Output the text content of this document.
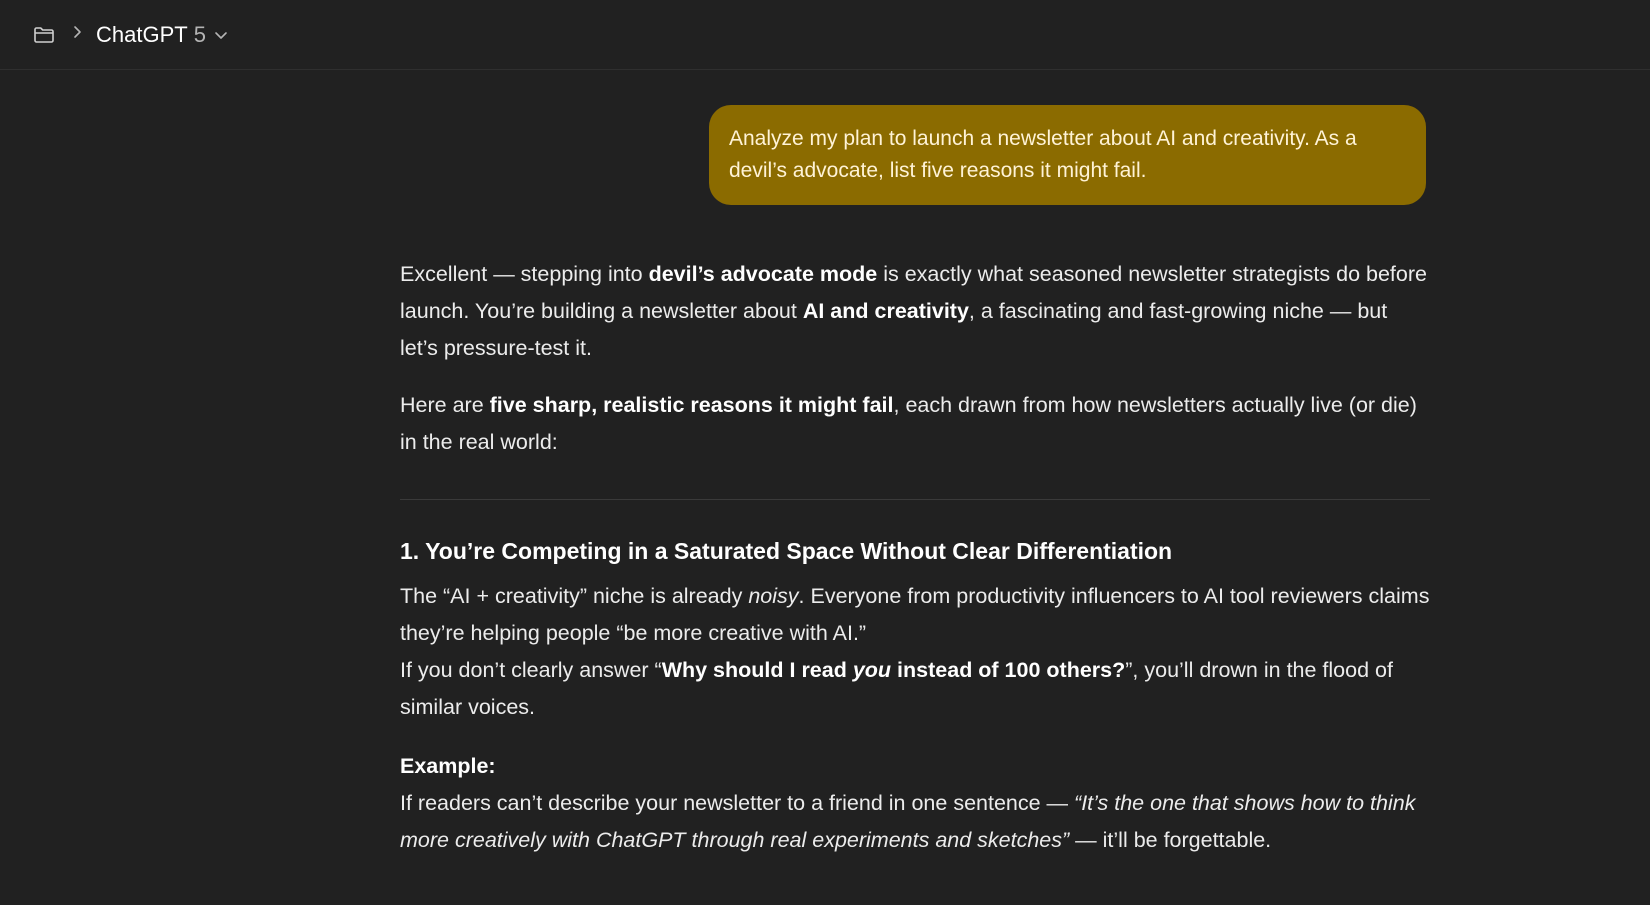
ChatGPT 5
Analyze my plan to launch a newsletter about AI and creativity. As a devil’s advocate, list five reasons it might fail.

Excellent — stepping into devil’s advocate mode is exactly what seasoned newsletter strategists do before launch. You’re building a newsletter about AI and creativity, a fascinating and fast-growing niche — but let’s pressure-test it.

Here are five sharp, realistic reasons it might fail, each drawn from how newsletters actually live (or die) in the real world:

1. You’re Competing in a Saturated Space Without Clear Differentiation

The “AI + creativity” niche is already noisy. Everyone from productivity influencers to AI tool reviewers claims they’re helping people “be more creative with AI.”
If you don’t clearly answer “Why should I read you instead of 100 others?”, you’ll drown in the flood of similar voices.

Example:

If readers can’t describe your newsletter to a friend in one sentence — “It’s the one that shows how to think more creatively with ChatGPT through real experiments and sketches” — it’ll be forgettable.
